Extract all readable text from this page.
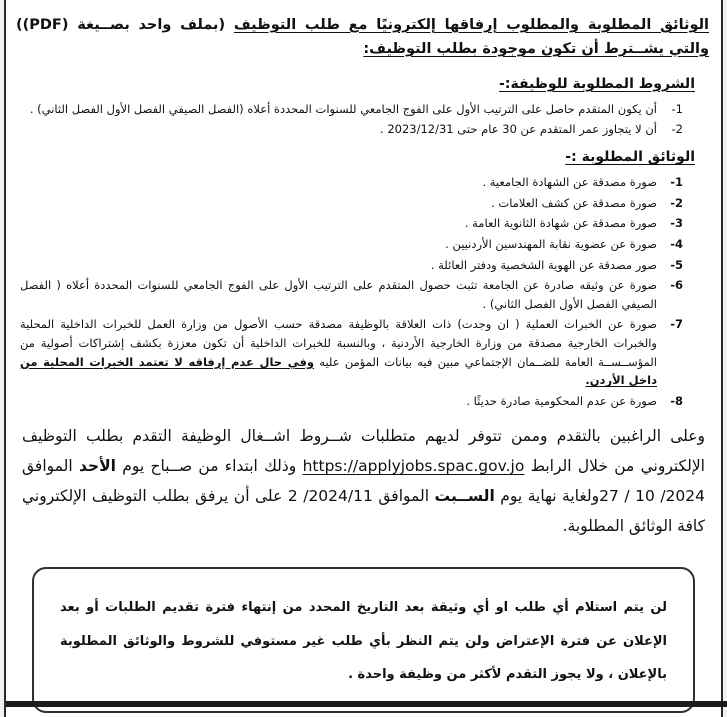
الوثائق المطلوبة والمطلوب إرفاقها إلكترونيًا مع طلب التوظيف (بملف واحد بصــيغة (PDF)) والتي يشــترط أن تكون موجودة بطلب التوظيف:
الشروط المطلوبة للوظيفة:-
1-
أن يكون المتقدم حاصل على الترتيب الأول على الفوج الجامعي للسنوات المحددة أعلاه (الفصل الصيفي الفصل الأول الفصل الثاني) .
2-
أن لا يتجاوز عمر المتقدم عن 30 عام حتى 2023/12/31 .
الوثائق المطلوبة :-
1-
صورة مصدقة عن الشهادة الجامعية .
2-
صورة مصدقة عن كشف العلامات .
3-
صورة مصدقة عن شهادة الثانوية العامة .
4-
صورة عن عضوية نقابة المهندسين الأردنيين .
5-
صور مصدقة عن الهوية الشخصية ودفتر العائلة .
6-
صورة عن وثيقه صادرة عن الجامعة تثبت حصول المتقدم على الترتيب الأول على الفوج الجامعي للسنوات المحددة أعلاه ( الفصل الصيفي الفصل الأول الفصل الثاني) .
7-
صورة عن الخبرات العملية ( ان وجدت) ذات العلاقة بالوظيفة مصدقة حسب الأصول من وزارة العمل للخبرات الداخلية المحلية والخبرات الخارجية مصدقة من وزارة الخارجية الأردنية ، وبالنسبة للخبرات الداخلية أن تكون معززة بكشف إشتراكات أصولية من المؤســســة العامة للضــمان الإجتماعي مبين فيه بيانات المؤمن عليه وفي حال عدم إرفاقه لا تعتمد الخبرات المحلية من داخل الأردن.
8-
صورة عن عدم المحكومية صادرة حديثًا .
وعلى الراغبين بالتقدم وممن تتوفر لديهم متطلبات شــروط اشــغال الوظيفة التقدم بطلب التوظيف الإلكتروني من خلال الرابط https://applyjobs.spac.gov.jo وذلك ابتداء من صــباح يوم الأحد الموافق 27 / 10 /2024ولغاية نهاية يوم الســبت الموافق 2 /2024/11 على أن يرفق بطلب التوظيف الإلكتروني كافة الوثائق المطلوبة.
لن يتم استلام أي طلب او أي وثيقة بعد التاريخ المحدد من إنتهاء فترة تقديم الطلبات أو بعد الإعلان عن فترة الإعتراض ولن يتم النظر بأي طلب غير مستوفي للشروط والوثائق المطلوبة بالإعلان ، ولا يجوز التقدم لأكثر من وظيفة واحدة .
